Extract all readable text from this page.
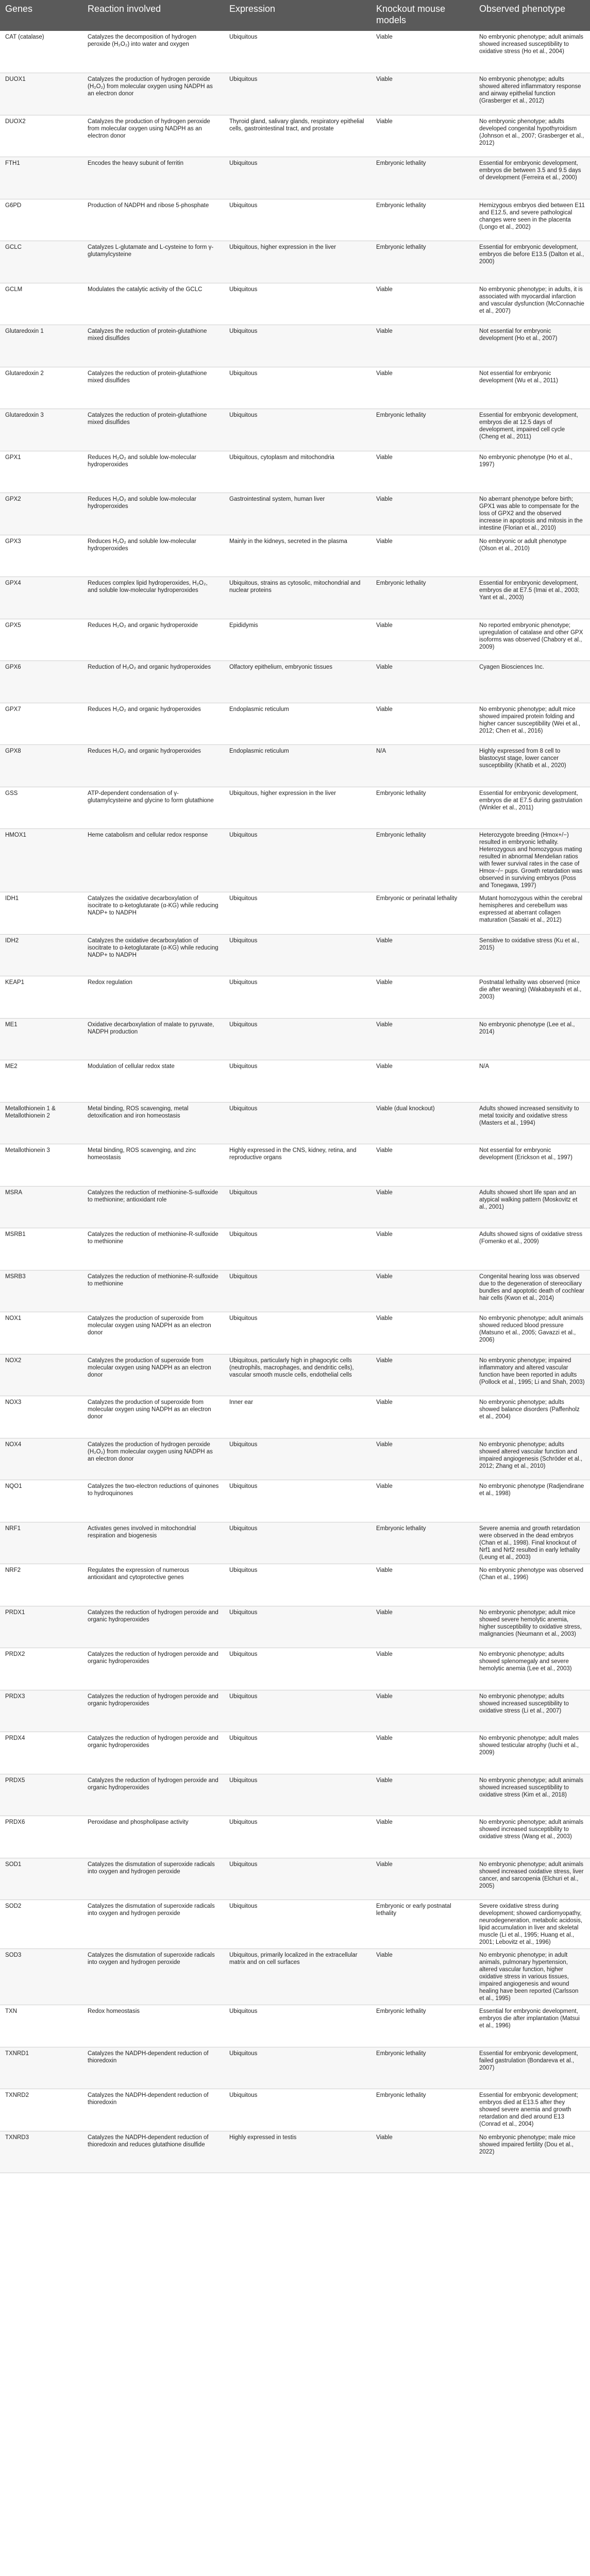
Genes	Reaction involved	Expression	Knockout mouse models	Observed phenotype
CAT (catalase)	Catalyzes the decomposition of hydrogen peroxide (H₂O₂) into water and oxygen	Ubiquitous	Viable	No embryonic phenotype; adult animals showed increased susceptibility to oxidative stress (Ho et al., 2004)
DUOX1	Catalyzes the production of hydrogen peroxide (H₂O₂) from molecular oxygen using NADPH as an electron donor	Ubiquitous	Viable	No embryonic phenotype; adults showed altered inflammatory response and airway epithelial function (Grasberger et al., 2012)
DUOX2	Catalyzes the production of hydrogen peroxide from molecular oxygen using NADPH as an electron donor	Thyroid gland, salivary glands, respiratory epithelial cells, gastrointestinal tract, and prostate	Viable	No embryonic phenotype; adults developed congenital hypothyroidism (Johnson et al., 2007; Grasberger et al., 2012)
FTH1	Encodes the heavy subunit of ferritin	Ubiquitous	Embryonic lethality	Essential for embryonic development, embryos die between 3.5 and 9.5 days of development (Ferreira et al., 2000)
G6PD	Production of NADPH and ribose 5-phosphate	Ubiquitous	Embryonic lethality	Hemizygous embryos died between E11 and E12.5, and severe pathological changes were seen in the placenta (Longo et al., 2002)
GCLC	Catalyzes L-glutamate and L-cysteine to form γ-glutamylcysteine	Ubiquitous, higher expression in the liver	Embryonic lethality	Essential for embryonic development, embryos die before E13.5 (Dalton et al., 2000)
GCLM	Modulates the catalytic activity of the GCLC	Ubiquitous	Viable	No embryonic phenotype; in adults, it is associated with myocardial infarction and vascular dysfunction (McConnachie et al., 2007)
Glutaredoxin 1	Catalyzes the reduction of protein-glutathione mixed disulfides	Ubiquitous	Viable	Not essential for embryonic development (Ho et al., 2007)
Glutaredoxin 2	Catalyzes the reduction of protein-glutathione mixed disulfides	Ubiquitous	Viable	Not essential for embryonic development (Wu et al., 2011)
Glutaredoxin 3	Catalyzes the reduction of protein-glutathione mixed disulfides	Ubiquitous	Embryonic lethality	Essential for embryonic development, embryos die at 12.5 days of development, impaired cell cycle (Cheng et al., 2011)
GPX1	Reduces H₂O₂ and soluble low-molecular hydroperoxides	Ubiquitous, cytoplasm and mitochondria	Viable	No embryonic phenotype (Ho et al., 1997)
GPX2	Reduces H₂O₂ and soluble low-molecular hydroperoxides	Gastrointestinal system, human liver	Viable	No aberrant phenotype before birth; GPX1 was able to compensate for the loss of GPX2 and the observed increase in apoptosis and mitosis in the intestine (Florian et al., 2010)
GPX3	Reduces H₂O₂ and soluble low-molecular hydroperoxides	Mainly in the kidneys, secreted in the plasma	Viable	No embryonic or adult phenotype (Olson et al., 2010)
GPX4	Reduces complex lipid hydroperoxides, H₂O₂, and soluble low-molecular hydroperoxides	Ubiquitous, strains as cytosolic, mitochondrial and nuclear proteins	Embryonic lethality	Essential for embryonic development, embryos die at E7.5 (Imai et al., 2003; Yant et al., 2003)
GPX5	Reduces H₂O₂ and organic hydroperoxide	Epididymis	Viable	No reported embryonic phenotype; upregulation of catalase and other GPX isoforms was observed (Chabory et al., 2009)
GPX6	Reduction of H₂O₂ and organic hydroperoxides	Olfactory epithelium, embryonic tissues	Viable	Cyagen Biosciences Inc.
GPX7	Reduces H₂O₂ and organic hydroperoxides	Endoplasmic reticulum	Viable	No embryonic phenotype; adult mice showed impaired protein folding and higher cancer susceptibility (Wei et al., 2012; Chen et al., 2016)
GPX8	Reduces H₂O₂ and organic hydroperoxides	Endoplasmic reticulum	N/A	Highly expressed from 8 cell to blastocyst stage, lower cancer susceptibility (Khatib et al., 2020)
GSS	ATP-dependent condensation of γ-glutamylcysteine and glycine to form glutathione	Ubiquitous, higher expression in the liver	Embryonic lethality	Essential for embryonic development, embryos die at E7.5 during gastrulation (Winkler et al., 2011)
HMOX1	Heme catabolism and cellular redox response	Ubiquitous	Embryonic lethality	Heterozygote breeding (Hmox+/−) resulted in embryonic lethality. Heterozygous and homozygous mating resulted in abnormal Mendelian ratios with fewer survival rates in the case of Hmox−/− pups. Growth retardation was observed in surviving embryos (Poss and Tonegawa, 1997)
IDH1	Catalyzes the oxidative decarboxylation of isocitrate to α-ketoglutarate (α-KG) while reducing NADP+ to NADPH	Ubiquitous	Embryonic or perinatal lethality	Mutant homozygous within the cerebral hemispheres and cerebellum was expressed at aberrant collagen maturation (Sasaki et al., 2012)
IDH2	Catalyzes the oxidative decarboxylation of isocitrate to α-ketoglutarate (α-KG) while reducing NADP+ to NADPH	Ubiquitous	Viable	Sensitive to oxidative stress (Ku et al., 2015)
KEAP1	Redox regulation	Ubiquitous	Viable	Postnatal lethality was observed (mice die after weaning) (Wakabayashi et al., 2003)
ME1	Oxidative decarboxylation of malate to pyruvate, NADPH production	Ubiquitous	Viable	No embryonic phenotype (Lee et al., 2014)
ME2	Modulation of cellular redox state	Ubiquitous	Viable	N/A
Metallothionein 1 & Metallothionein 2	Metal binding, ROS scavenging, metal detoxification and iron homeostasis	Ubiquitous	Viable (dual knockout)	Adults showed increased sensitivity to metal toxicity and oxidative stress (Masters et al., 1994)
Metallothionein 3	Metal binding, ROS scavenging, and zinc homeostasis	Highly expressed in the CNS, kidney, retina, and reproductive organs	Viable	Not essential for embryonic development (Erickson et al., 1997)
MSRA	Catalyzes the reduction of methionine-S-sulfoxide to methionine; antioxidant role	Ubiquitous	Viable	Adults showed short life span and an atypical walking pattern (Moskovitz et al., 2001)
MSRB1	Catalyzes the reduction of methionine-R-sulfoxide to methionine	Ubiquitous	Viable	Adults showed signs of oxidative stress (Fomenko et al., 2009)
MSRB3	Catalyzes the reduction of methionine-R-sulfoxide to methionine	Ubiquitous	Viable	Congenital hearing loss was observed due to the degeneration of stereociliary bundles and apoptotic death of cochlear hair cells (Kwon et al., 2014)
NOX1	Catalyzes the production of superoxide from molecular oxygen using NADPH as an electron donor	Ubiquitous	Viable	No embryonic phenotype; adult animals showed reduced blood pressure (Matsuno et al., 2005; Gavazzi et al., 2006)
NOX2	Catalyzes the production of superoxide from molecular oxygen using NADPH as an electron donor	Ubiquitous, particularly high in phagocytic cells (neutrophils, macrophages, and dendritic cells), vascular smooth muscle cells, endothelial cells	Viable	No embryonic phenotype; impaired inflammatory and altered vascular function have been reported in adults (Pollock et al., 1995; Li and Shah, 2003)
NOX3	Catalyzes the production of superoxide from molecular oxygen using NADPH as an electron donor	Inner ear	Viable	No embryonic phenotype; adults showed balance disorders (Paffenholz et al., 2004)
NOX4	Catalyzes the production of hydrogen peroxide (H₂O₂) from molecular oxygen using NADPH as an electron donor	Ubiquitous	Viable	No embryonic phenotype; adults showed altered vascular function and impaired angiogenesis (Schröder et al., 2012; Zhang et al., 2010)
NQO1	Catalyzes the two-electron reductions of quinones to hydroquinones	Ubiquitous	Viable	No embryonic phenotype (Radjendirane et al., 1998)
NRF1	Activates genes involved in mitochondrial respiration and biogenesis	Ubiquitous	Embryonic lethality	Severe anemia and growth retardation were observed in the dead embryos (Chan et al., 1998). Final knockout of Nrf1 and Nrf2 resulted in early lethality (Leung et al., 2003)
NRF2	Regulates the expression of numerous antioxidant and cytoprotective genes	Ubiquitous	Viable	No embryonic phenotype was observed (Chan et al., 1996)
PRDX1	Catalyzes the reduction of hydrogen peroxide and organic hydroperoxides	Ubiquitous	Viable	No embryonic phenotype; adult mice showed severe hemolytic anemia, higher susceptibility to oxidative stress, malignancies (Neumann et al., 2003)
PRDX2	Catalyzes the reduction of hydrogen peroxide and organic hydroperoxides	Ubiquitous	Viable	No embryonic phenotype; adults showed splenomegaly and severe hemolytic anemia (Lee et al., 2003)
PRDX3	Catalyzes the reduction of hydrogen peroxide and organic hydroperoxides	Ubiquitous	Viable	No embryonic phenotype; adults showed increased susceptibility to oxidative stress (Li et al., 2007)
PRDX4	Catalyzes the reduction of hydrogen peroxide and organic hydroperoxides	Ubiquitous	Viable	No embryonic phenotype; adult males showed testicular atrophy (Iuchi et al., 2009)
PRDX5	Catalyzes the reduction of hydrogen peroxide and organic hydroperoxides	Ubiquitous	Viable	No embryonic phenotype; adult animals showed increased susceptibility to oxidative stress (Kim et al., 2018)
PRDX6	Peroxidase and phospholipase activity	Ubiquitous	Viable	No embryonic phenotype; adult animals showed increased susceptibility to oxidative stress (Wang et al., 2003)
SOD1	Catalyzes the dismutation of superoxide radicals into oxygen and hydrogen peroxide	Ubiquitous	Viable	No embryonic phenotype; adult animals showed increased oxidative stress, liver cancer, and sarcopenia (Elchuri et al., 2005)
SOD2	Catalyzes the dismutation of superoxide radicals into oxygen and hydrogen peroxide	Ubiquitous	Embryonic or early postnatal lethality	Severe oxidative stress during development; showed cardiomyopathy, neurodegeneration, metabolic acidosis, lipid accumulation in liver and skeletal muscle (Li et al., 1995; Huang et al., 2001; Lebovitz et al., 1996)
SOD3	Catalyzes the dismutation of superoxide radicals into oxygen and hydrogen peroxide	Ubiquitous, primarily localized in the extracellular matrix and on cell surfaces	Viable	No embryonic phenotype; in adult animals, pulmonary hypertension, altered vascular function, higher oxidative stress in various tissues, impaired angiogenesis and wound healing have been reported (Carlsson et al., 1995)
TXN	Redox homeostasis	Ubiquitous	Embryonic lethality	Essential for embryonic development, embryos die after implantation (Matsui et al., 1996)
TXNRD1	Catalyzes the NADPH-dependent reduction of thioredoxin	Ubiquitous	Embryonic lethality	Essential for embryonic development, failed gastrulation (Bondareva et al., 2007)
TXNRD2	Catalyzes the NADPH-dependent reduction of thioredoxin	Ubiquitous	Embryonic lethality	Essential for embryonic development; embryos died at E13.5 after they showed severe anemia and growth retardation and died around E13 (Conrad et al., 2004)
TXNRD3	Catalyzes the NADPH-dependent reduction of thioredoxin and reduces glutathione disulfide	Highly expressed in testis	Viable	No embryonic phenotype; male mice showed impaired fertility (Dou et al., 2022)
